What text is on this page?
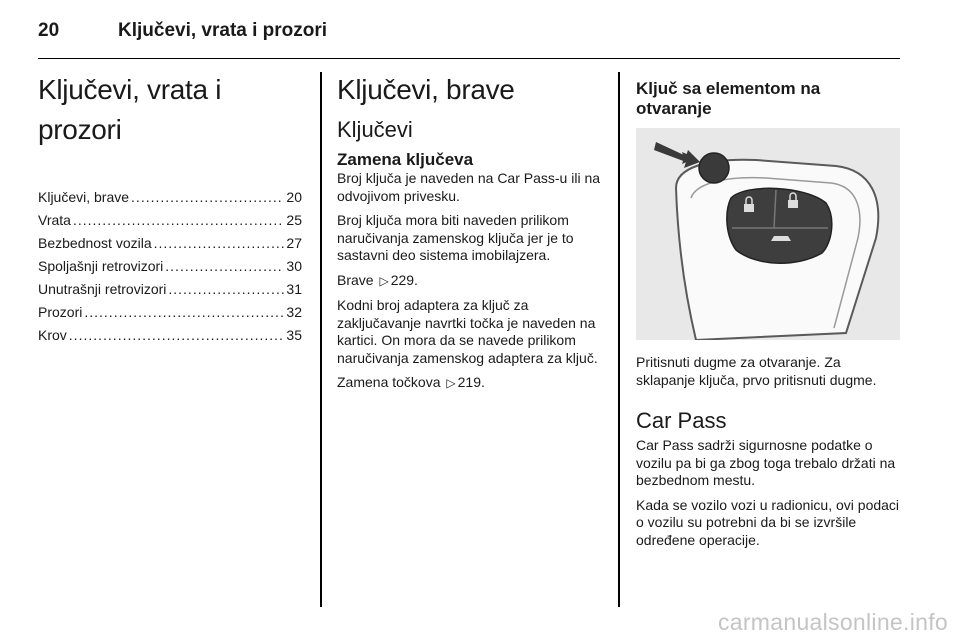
20	Ključevi, vrata i prozori
Ključevi, vrata i prozori
Ključevi, brave .....	20
Vrata .....	25
Bezbednost vozila .....	27
Spoljašnji retrovizori .....	30
Unutrašnji retrovizori .....	31
Prozori .....	32
Krov .....	35
Ključevi, brave
Ključevi
Zamena ključeva

Broj ključa je naveden na Car Pass-u ili na odvojivom privesku.

Broj ključa mora biti naveden prilikom naručivanja zamenskog ključa jer je to sastavni deo sistema imobilajzera.

Brave ▷ 229.

Kodni broj adaptera za ključ za zaključavanje navrtki točka je naveden na kartici. On mora da se navede prilikom naručivanja zamenskog adaptera za ključ.

Zamena točkova ▷ 219.

Ključ sa elementom na otvaranje

Pritisnuti dugme za otvaranje. Za sklapanje ključa, prvo pritisnuti dugme.

Car Pass

Car Pass sadrži sigurnosne podatke o vozilu pa bi ga zbog toga trebalo držati na bezbednom mestu.

Kada se vozilo vozi u radionicu, ovi podaci o vozilu su potrebni da bi se izvršile određene operacije.

carmanualsonline.info
